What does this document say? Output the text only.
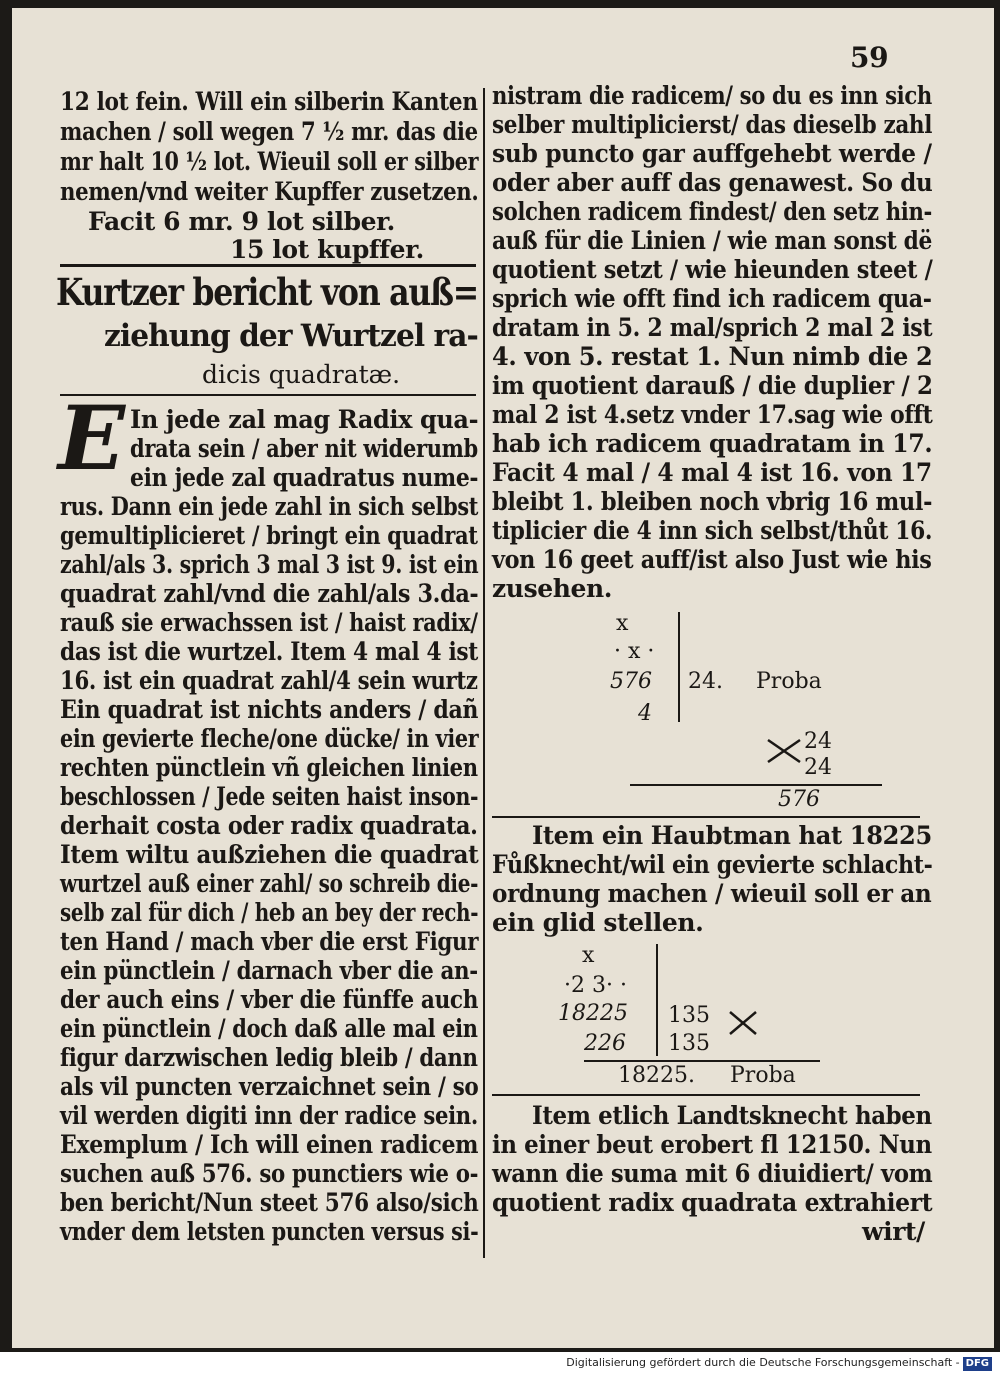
59
12 lot fein. Will ein silberin Kanten
machen / soll wegen 7 ½ mr. das die
mr halt 10 ½ lot. Wieuil soll er silber
nemen/vnd weiter Kupffer zusetzen.
Facit 6 mr. 9 lot silber.
15 lot kupffer.
Kurtzer bericht von auß=
ziehung der Wurtzel ra-
dicis quadratæ.
E In jede zal mag Radix qua-
drata sein / aber nit widerumb
ein jede zal quadratus nume-
rus. Dann ein jede zahl in sich selbst
gemultiplicieret / bringt ein quadrat
zahl/als 3. sprich 3 mal 3 ist 9. ist ein
quadrat zahl/vnd die zahl/als 3.da-
rauß sie erwachssen ist / haist radix/
das ist die wurtzel. Item 4 mal 4 ist
16. ist ein quadrat zahl/4 sein wurtz
Ein quadrat ist nichts anders / dañ
ein gevierte fleche/one dücke/ in vier
rechten pünctlein vñ gleichen linien
beschlossen / Jede seiten haist inson-
derhait costa oder radix quadrata.
Item wiltu außziehen die quadrat
wurtzel auß einer zahl/ so schreib die-
selb zal für dich / heb an bey der rech-
ten Hand / mach vber die erst Figur
ein pünctlein / darnach vber die an-
der auch eins / vber die fünffe auch
ein pünctlein / doch daß alle mal ein
figur darzwischen ledig bleib / dann
als vil puncten verzaichnet sein / so
vil werden digiti inn der radice sein.
Exemplum / Ich will einen radicem
suchen auß 576. so punctiers wie o-
ben bericht/Nun steet 576 also/sich
vnder dem letsten puncten versus si-
nistram die radicem/ so du es inn sich
selber multiplicierst/ das dieselb zahl
sub puncto gar auffgehebt werde /
oder aber auff das genawest. So du
solchen radicem findest/ den setz hin-
auß für die Linien / wie man sonst dë
quotient setzt / wie hieunden steet /
sprich wie offt find ich radicem qua-
dratam in 5. 2 mal/sprich 2 mal 2 ist
4. von 5. restat 1. Nun nimb die 2
im quotient darauß / die duplier / 2
mal 2 ist 4.setz vnder 17.sag wie offt
hab ich radicem quadratam in 17.
Facit 4 mal / 4 mal 4 ist 16. von 17
bleibt 1. bleiben noch vbrig 16 mul-
tiplicier die 4 inn sich selbst/thůt 16.
von 16 geet auff/ist also Just wie his
zusehen.
x
· x ·
576
4
24. Proba
24
24
576
Item ein Haubtman hat 18225
Fůßknecht/wil ein gevierte schlacht-
ordnung machen / wieuil soll er an
ein glid stellen.
x
·2 3· ·
18225
226
135
135
18225. Proba
Item etlich Landtsknecht haben
in einer beut erobert fl 12150. Nun
wann die suma mit 6 diuidiert/ vom
quotient radix quadrata extrahiert
wirt/
Digitalisierung gefördert durch die Deutsche Forschungsgemeinschaft - DFG
